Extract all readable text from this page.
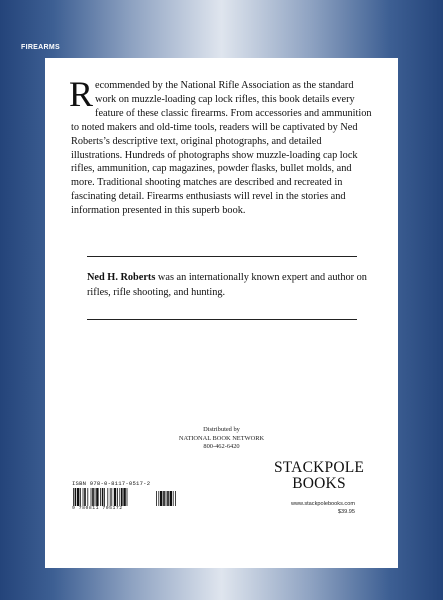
FIREARMS

Recommended by the National Rifle Association as the standard work on muzzle-loading cap lock rifles, this book details every feature of these classic firearms. From accessories and ammunition to noted makers and old-time tools, readers will be captivated by Ned Roberts’s descriptive text, original photographs, and detailed illustrations. Hundreds of photographs show muzzle-loading cap lock rifles, ammunition, cap magazines, powder flasks, bullet molds, and more. Traditional shooting matches are described and recreated in fascinating detail. Firearms enthusiasts will revel in the stories and information presented in this superb book.

Ned H. Roberts was an internationally known expert and author on rifles, rifle shooting, and hunting.

Distributed by
NATIONAL BOOK NETWORK
800-462-6420
ISBN 978-0-8117-0517-2
9 780811 705172
STACKPOLE
BOOKS
www.stackpolebooks.com
$39.95
